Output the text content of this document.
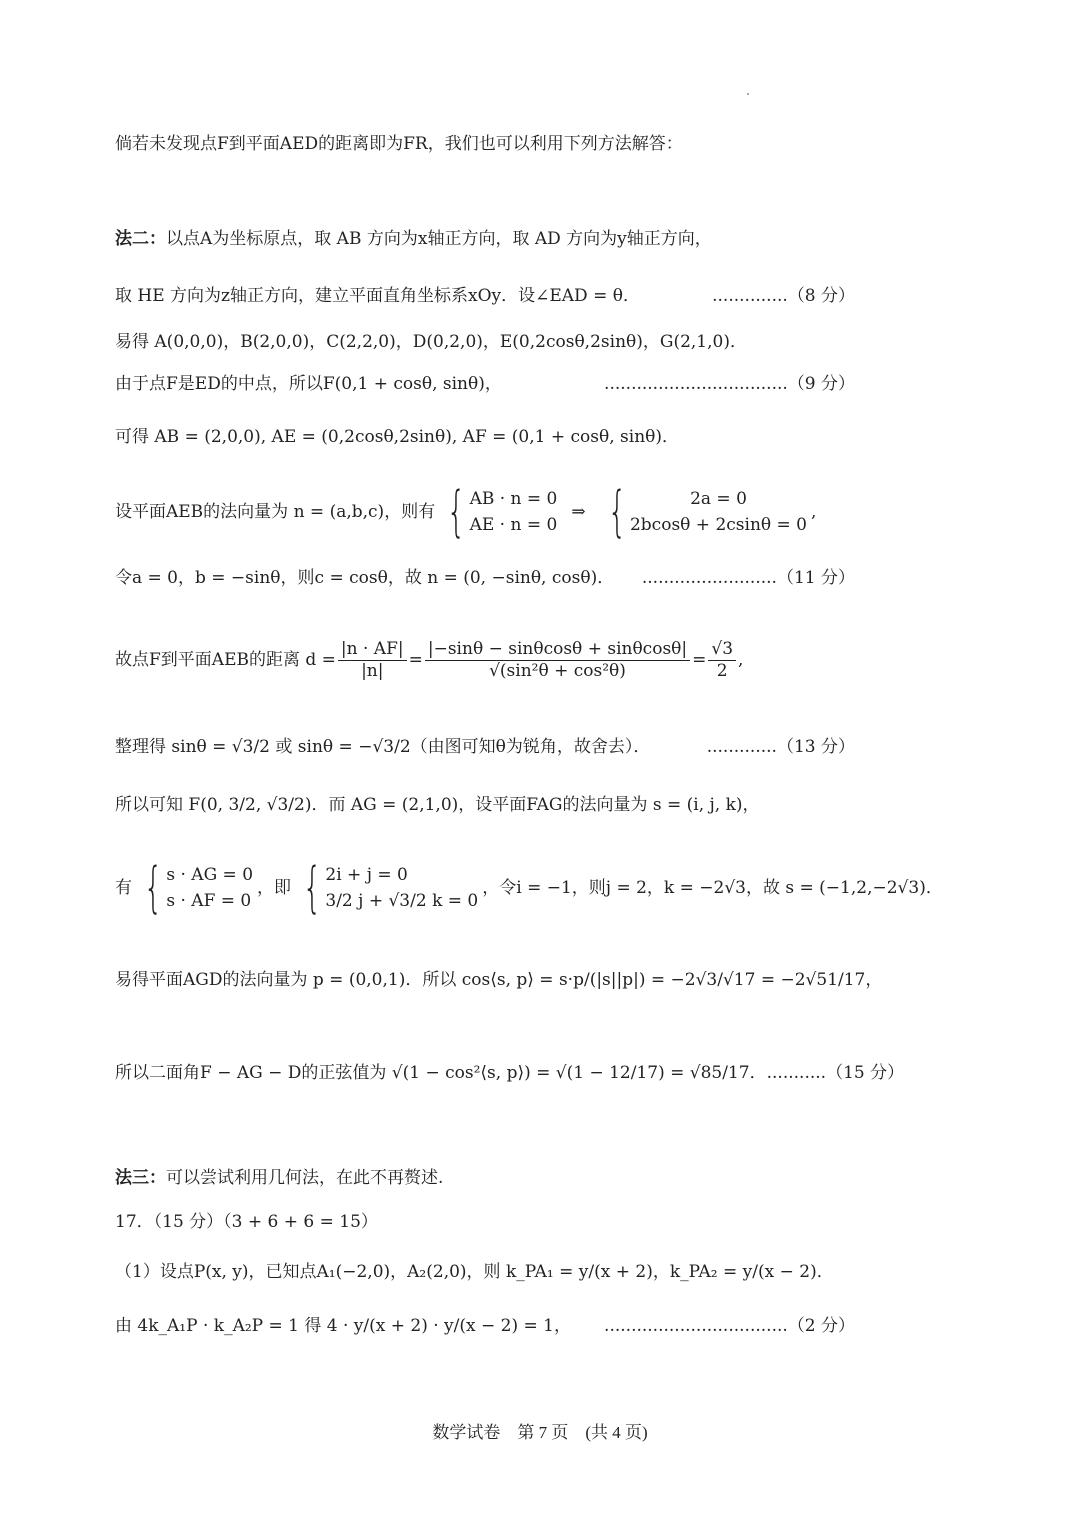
倘若未发现点F到平面AED的距离即为FR，我们也可以利用下列方法解答：
法二： 以点A为坐标原点，取 AB 方向为x轴正方向，取 AD 方向为y轴正方向，
取 HE 方向为z轴正方向，建立平面直角坐标系xOy．设∠EAD = θ．	..............（8 分）
易得 A(0,0,0)，B(2,0,0)，C(2,2,0)，D(0,2,0)，E(0,2cosθ,2sinθ)，G(2,1,0)．
由于点F是ED的中点，所以F(0,1 + cosθ, sinθ)，	..................................（9 分）
可得 AB = (2,0,0), AE = (0,2cosθ,2sinθ), AF = (0,1 + cosθ, sinθ)．
设平面AEB的法向量为 n = (a,b,c)，则有 { AB · n = 0
AE · n = 0
⇒ {	2a = 0
2bcosθ + 2csinθ = 0
,
令a = 0，b = −sinθ，则c = cosθ，故 n = (0, −sinθ, cosθ)． .........................（11 分）
故点F到平面AEB的距离 $d = \frac{|n \cdot AF|}{|n|} = \frac{|-\sin\theta - \sin\theta\cos\theta + \sin\theta\cos\theta|}{\text{√(sin²θ + cos²θ)}} = \frac{√3}{2}$ ,
整理得 sinθ = √3/2 或 sinθ = −√3/2（由图可知θ为锐角，故舍去）．	.............（13 分）
所以可知 F(0, 3/2, √3/2)．而 AG = (2,1,0)，设平面FAG的法向量为 s = (i, j, k)，
有 { s · AG = 0
s · AF = 0
，即 { 2i + j = 0
3/2 j + √3/2 k = 0
，令i = −1，则j = 2，k = −2√3，故 s = (−1,2,−2√3)．
易得平面AGD的法向量为 p = (0,0,1)．所以 cos⟨s, p⟩ = s·p/(|s||p|) = −2√3/√17 = −2√51/17，
所以二面角F − AG − D的正弦值为 √(1 − cos²⟨s, p⟩) = √(1 − 12/17) = √85/17． ...........（15 分）
法三： 可以尝试利用几何法，在此不再赘述.
17．（15 分）（3 + 6 + 6 = 15）
（1）设点P(x, y)，已知点A₁(−2,0)，A₂(2,0)，则 k_PA₁ = y/(x + 2)，k_PA₂ = y/(x − 2)．
由 4k_A₁P · k_A₂P = 1 得 4 · y/(x + 2) · y/(x − 2) = 1， ..................................（2 分）
数学试卷　第 7 页　(共 4 页)
